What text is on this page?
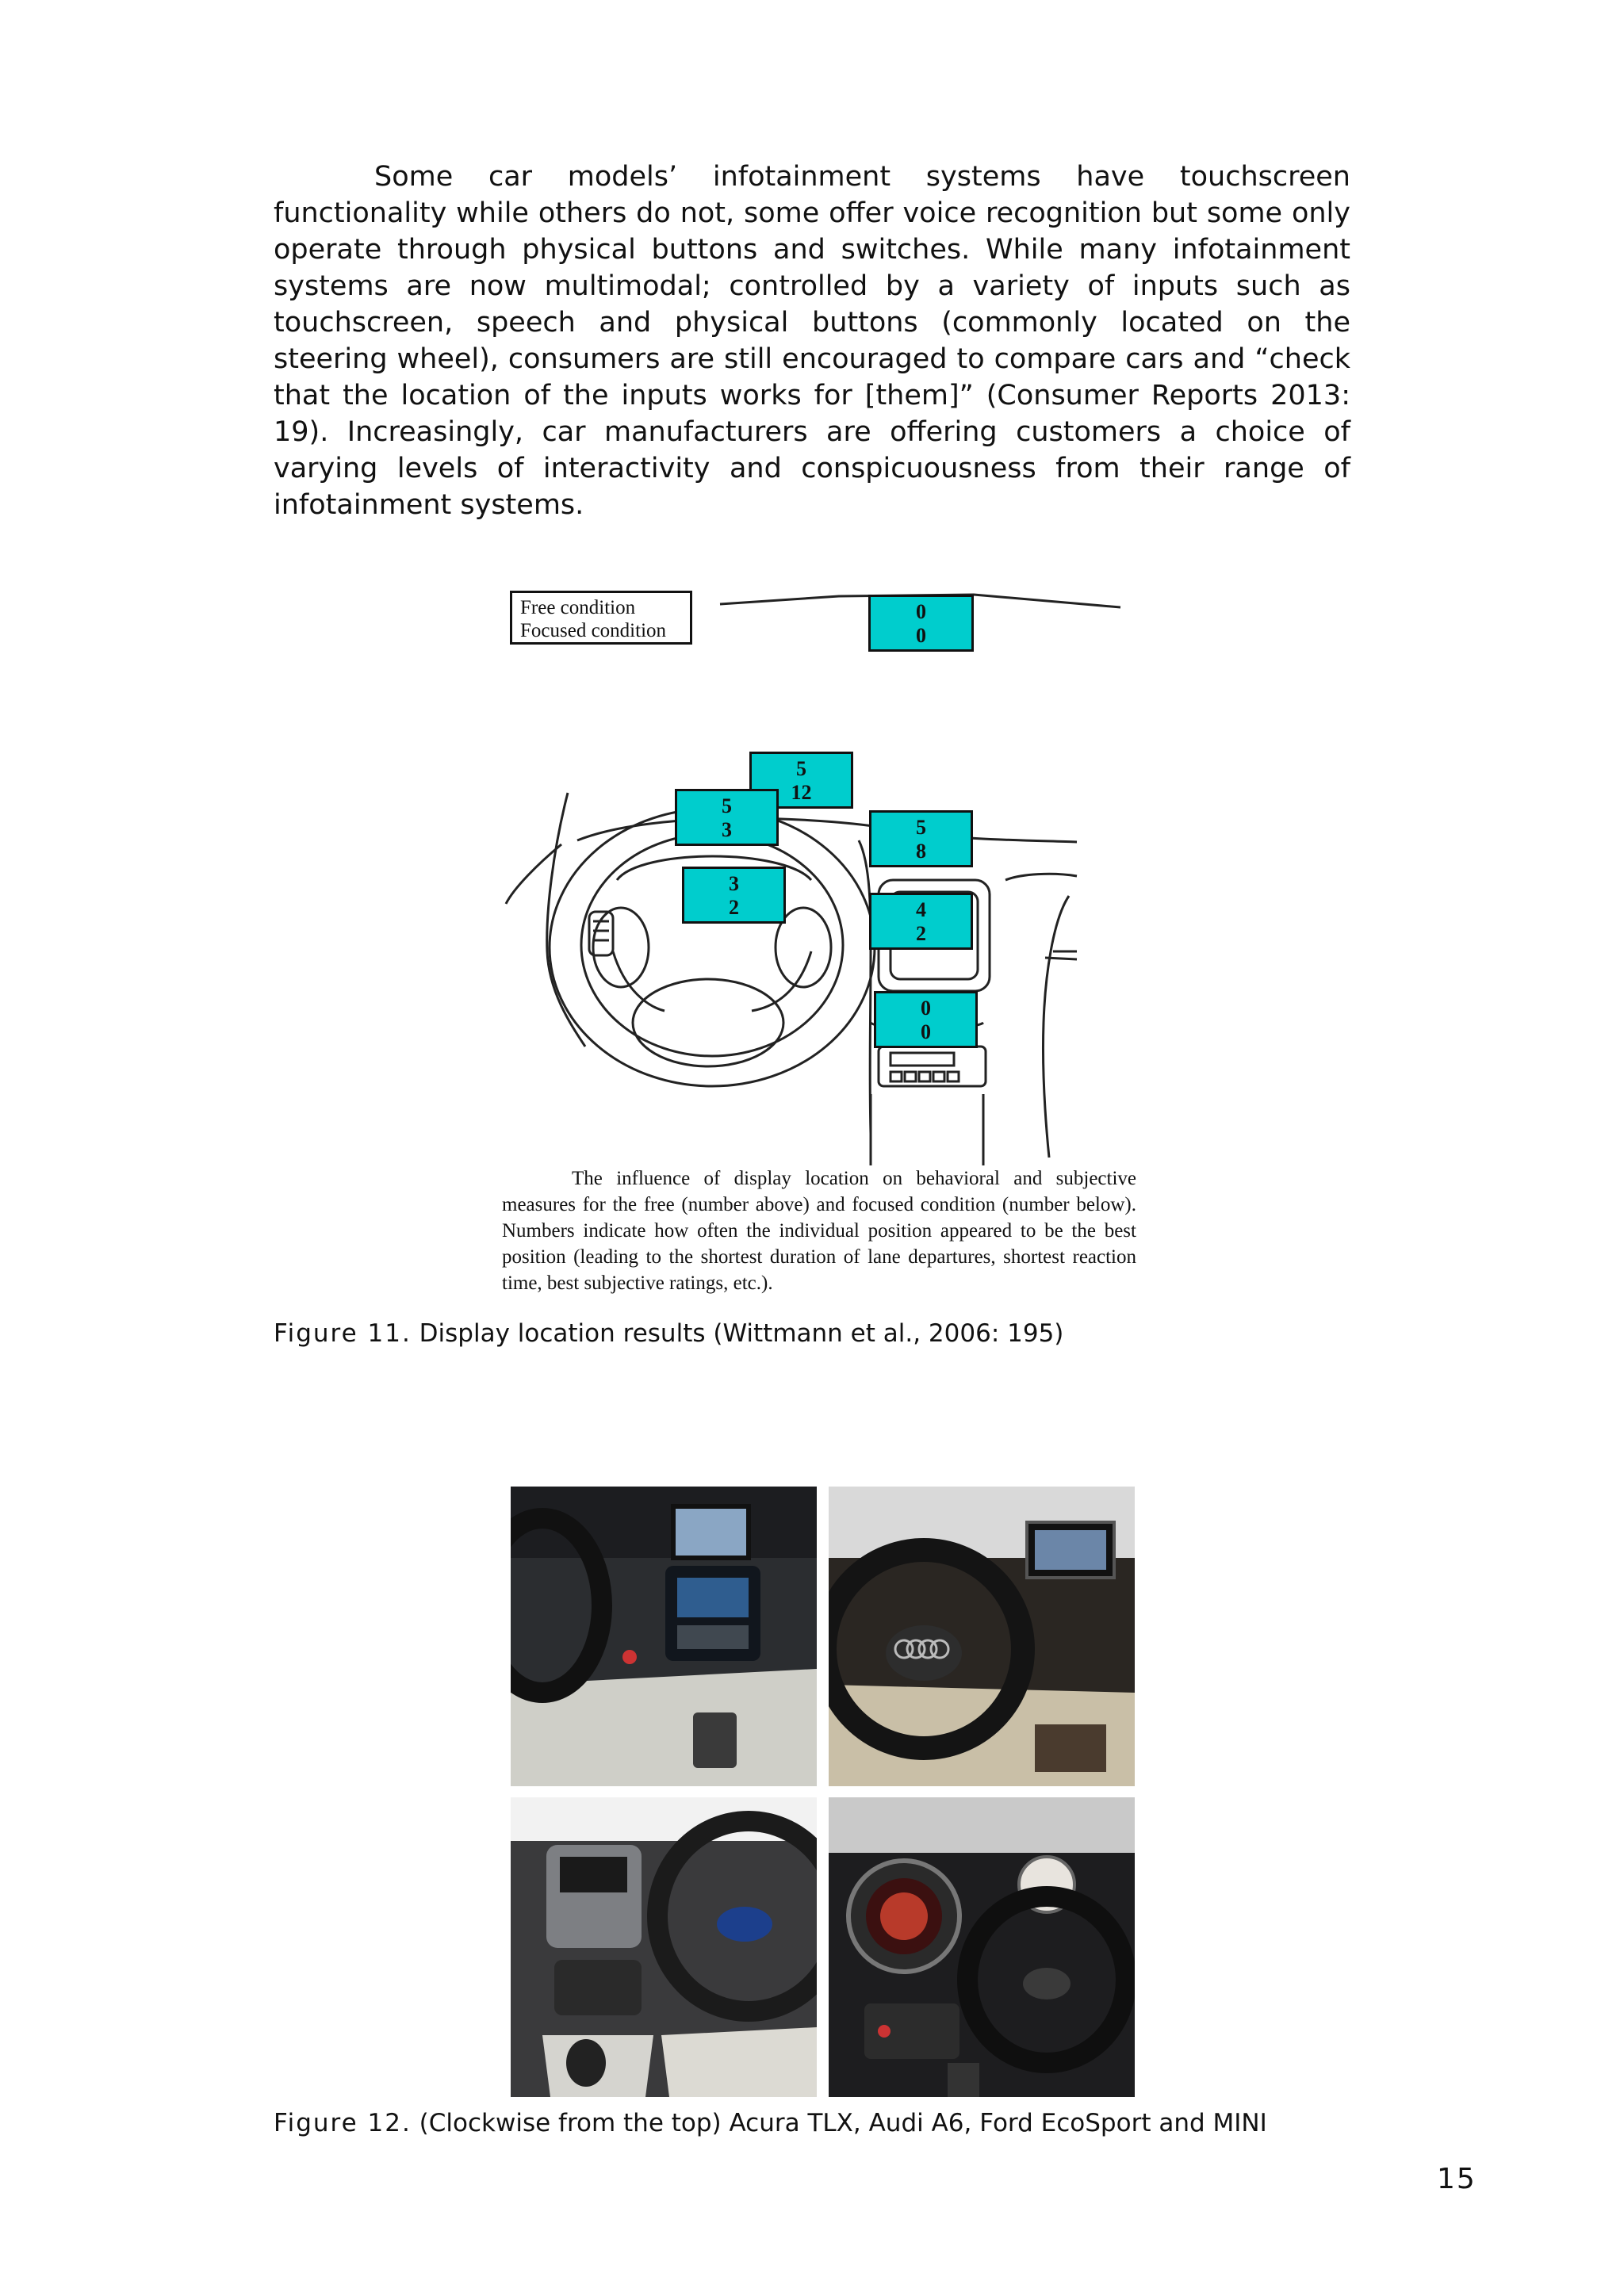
Some car models’ infotainment systems have touchscreen functionality while others do not, some offer voice recognition but some only operate through physical buttons and switches. While many infotainment systems are now multimodal; controlled by a variety of inputs such as touchscreen, speech and physical buttons (commonly located on the steering wheel), consumers are still encouraged to compare cars and “check that the location of the inputs works for [them]” (Consumer Reports 2013: 19). Increasingly, car manufacturers are offering customers a choice of varying levels of interactivity and conspicuousness from their range of infotainment systems.

Free condition
Focused condition
0
0
5
12
5
3	5
8
3
2	4
2
0
0

The influence of display location on behavioral and subjective measures for the free (number above) and focused condition (number below). Numbers indicate how often the individual position appeared to be the best position (leading to the shortest duration of lane departures, shortest reaction time, best subjective ratings, etc.).

Figure 11. Display location results (Wittmann et al., 2006: 195)

Figure 12. (Clockwise from the top) Acura TLX, Audi A6, Ford EcoSport and MINI

15
